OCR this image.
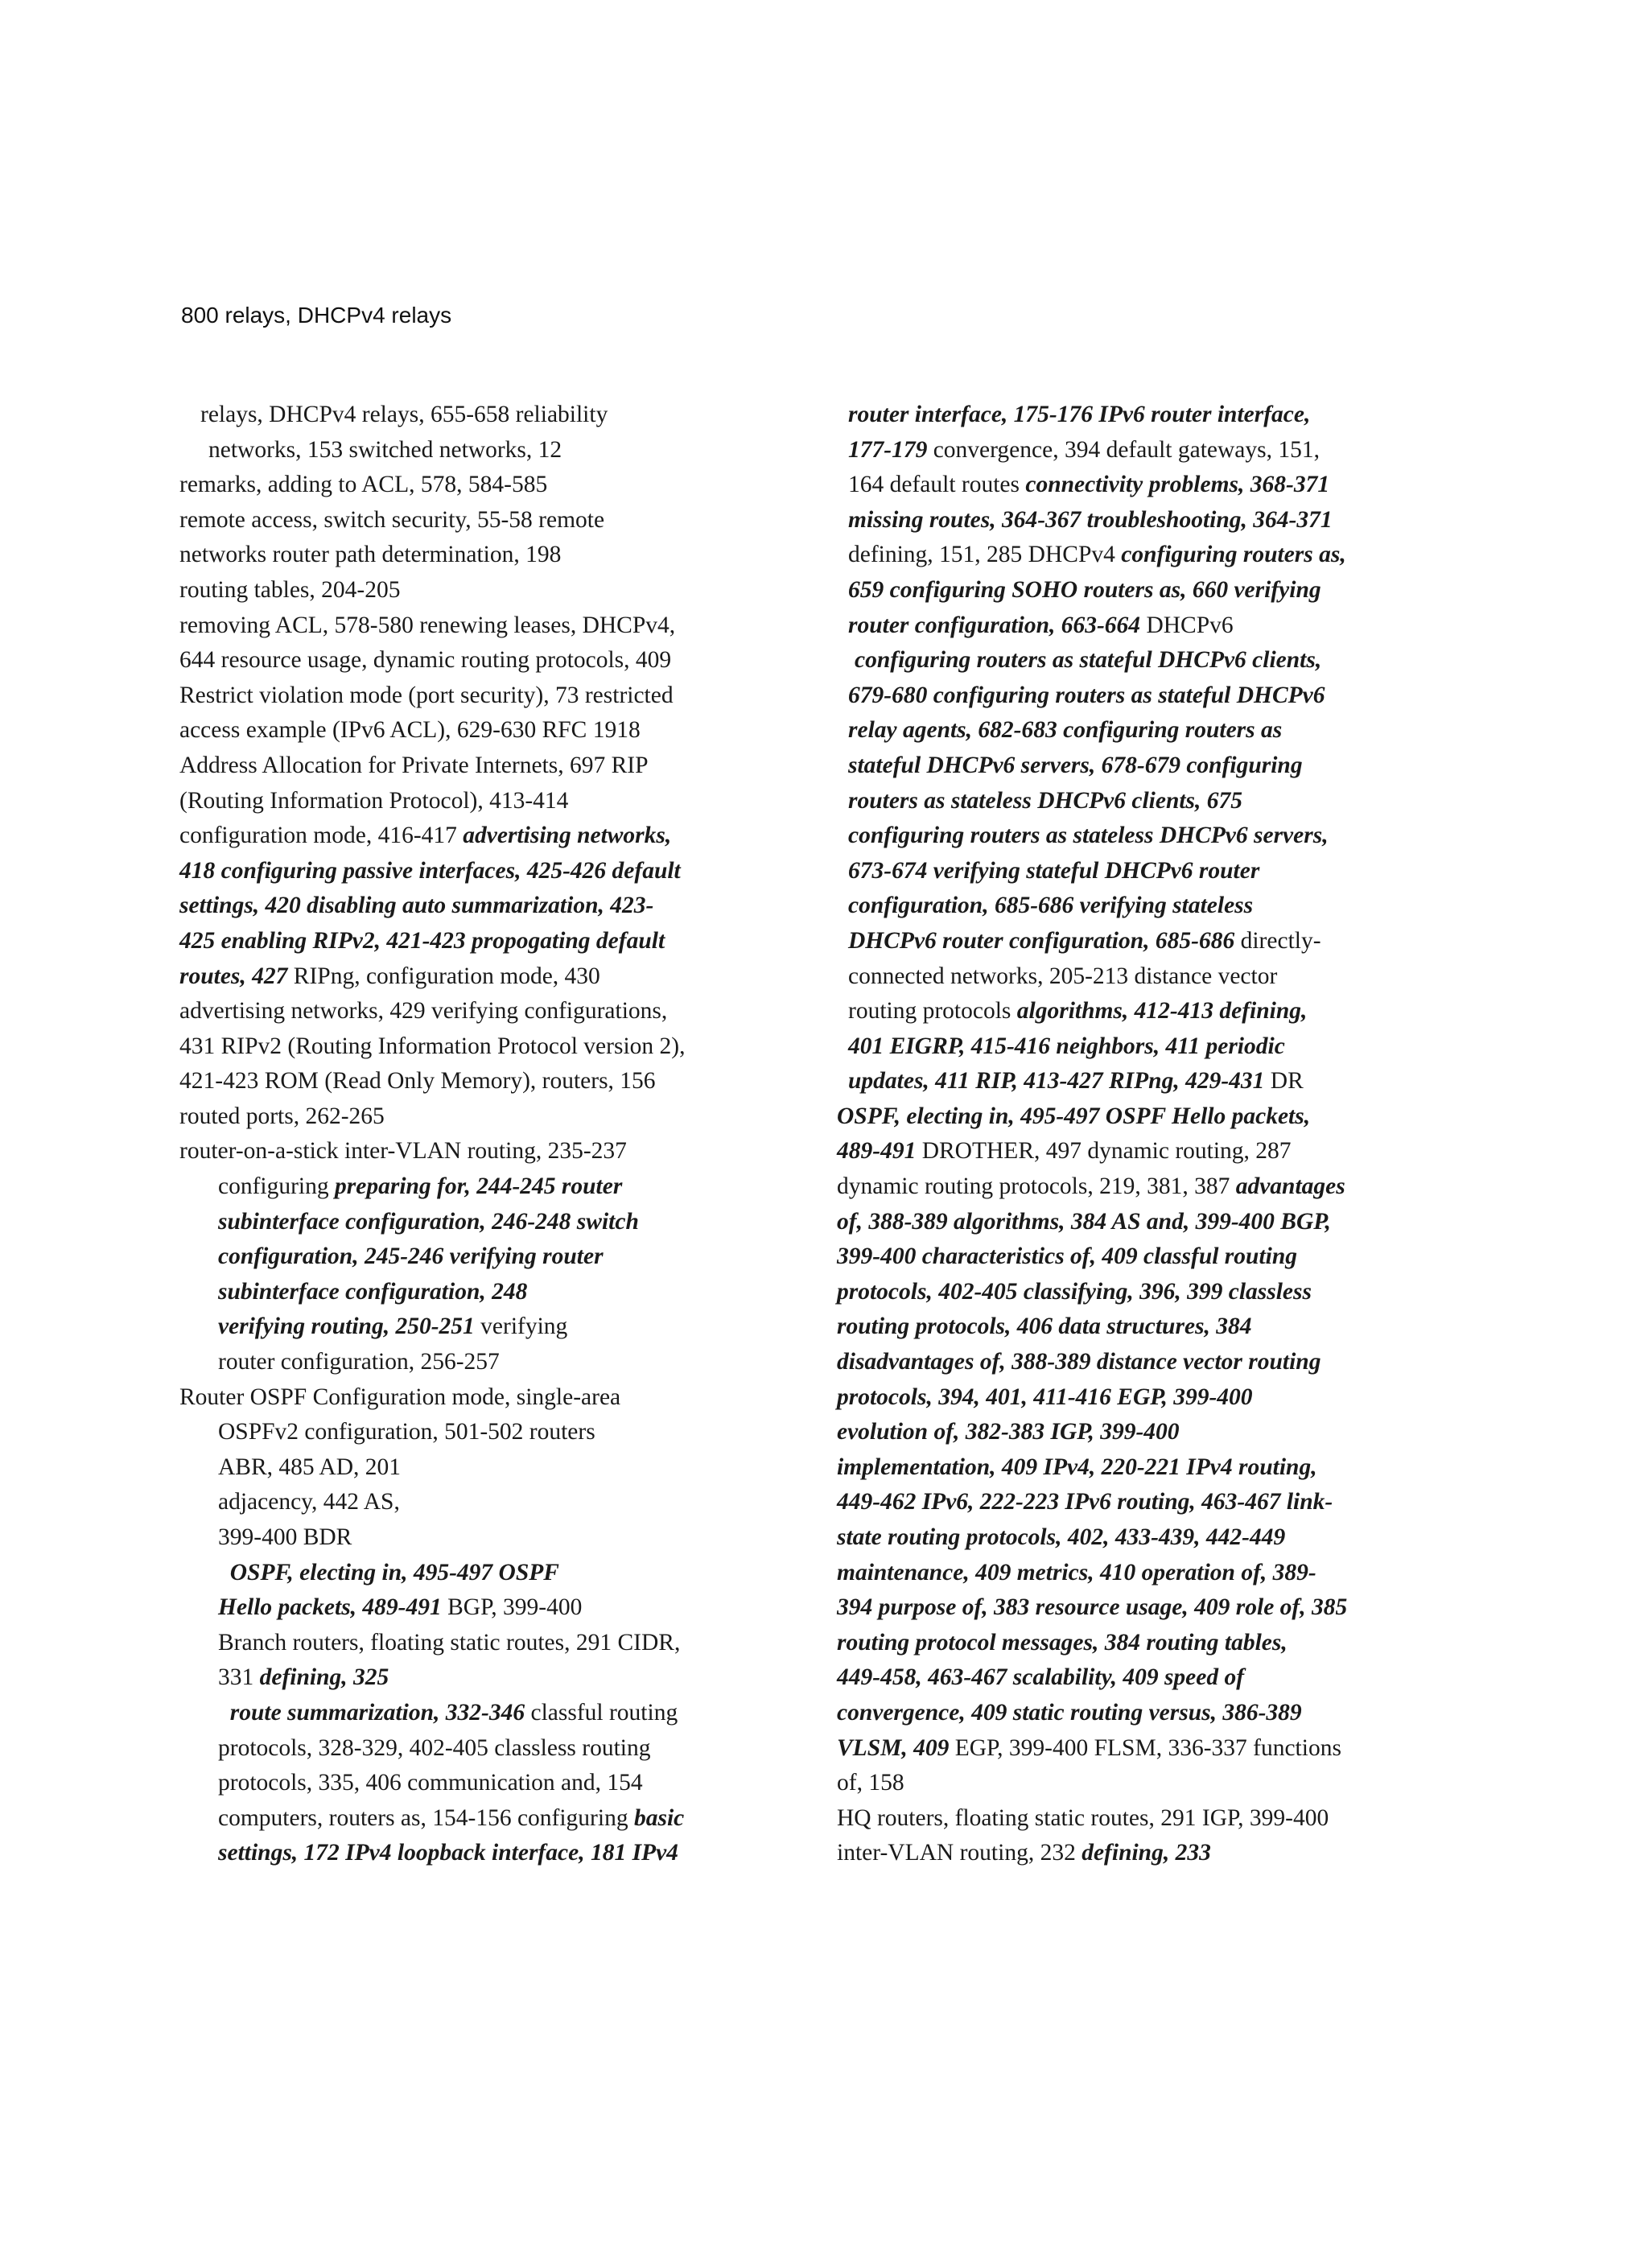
800 relays, DHCPv4 relays
relays, DHCPv4 relays, 655-658 reliability
networks, 153 switched networks, 12
remarks, adding to ACL, 578, 584-585
remote access, switch security, 55-58 remote
networks router path determination, 198
routing tables, 204-205
removing ACL, 578-580 renewing leases, DHCPv4,
644 resource usage, dynamic routing protocols, 409
Restrict violation mode (port security), 73 restricted
access example (IPv6 ACL), 629-630 RFC 1918
Address Allocation for Private Internets, 697 RIP
(Routing Information Protocol), 413-414
configuration mode, 416-417 advertising networks,
418 configuring passive interfaces, 425-426 default
settings, 420 disabling auto summarization, 423-
425 enabling RIPv2, 421-423 propogating default
routes, 427 RIPng, configuration mode, 430
advertising networks, 429 verifying configurations,
431 RIPv2 (Routing Information Protocol version 2),
421-423 ROM (Read Only Memory), routers, 156
routed ports, 262-265
router-on-a-stick inter-VLAN routing, 235-237
configuring preparing for, 244-245 router
subinterface configuration, 246-248 switch
configuration, 245-246 verifying router
subinterface configuration, 248
verifying routing, 250-251 verifying
router configuration, 256-257
Router OSPF Configuration mode, single-area
OSPFv2 configuration, 501-502 routers
ABR, 485 AD, 201
adjacency, 442 AS,
399-400 BDR
OSPF, electing in, 495-497 OSPF
Hello packets, 489-491 BGP, 399-400
Branch routers, floating static routes, 291 CIDR,
331 defining, 325
route summarization, 332-346 classful routing
protocols, 328-329, 402-405 classless routing
protocols, 335, 406 communication and, 154
computers, routers as, 154-156 configuring basic
settings, 172 IPv4 loopback interface, 181 IPv4
router interface, 175-176 IPv6 router interface,
177-179 convergence, 394 default gateways, 151,
164 default routes connectivity problems, 368-371
missing routes, 364-367 troubleshooting, 364-371
defining, 151, 285 DHCPv4 configuring routers as,
659 configuring SOHO routers as, 660 verifying
router configuration, 663-664 DHCPv6
configuring routers as stateful DHCPv6 clients,
679-680 configuring routers as stateful DHCPv6
relay agents, 682-683 configuring routers as
stateful DHCPv6 servers, 678-679 configuring
routers as stateless DHCPv6 clients, 675
configuring routers as stateless DHCPv6 servers,
673-674 verifying stateful DHCPv6 router
configuration, 685-686 verifying stateless
DHCPv6 router configuration, 685-686 directly-
connected networks, 205-213 distance vector
routing protocols algorithms, 412-413 defining,
401 EIGRP, 415-416 neighbors, 411 periodic
updates, 411 RIP, 413-427 RIPng, 429-431 DR
OSPF, electing in, 495-497 OSPF Hello packets,
489-491 DROTHER, 497 dynamic routing, 287
dynamic routing protocols, 219, 381, 387 advantages
of, 388-389 algorithms, 384 AS and, 399-400 BGP,
399-400 characteristics of, 409 classful routing
protocols, 402-405 classifying, 396, 399 classless
routing protocols, 406 data structures, 384
disadvantages of, 388-389 distance vector routing
protocols, 394, 401, 411-416 EGP, 399-400
evolution of, 382-383 IGP, 399-400
implementation, 409 IPv4, 220-221 IPv4 routing,
449-462 IPv6, 222-223 IPv6 routing, 463-467 link-
state routing protocols, 402, 433-439, 442-449
maintenance, 409 metrics, 410 operation of, 389-
394 purpose of, 383 resource usage, 409 role of, 385
routing protocol messages, 384 routing tables,
449-458, 463-467 scalability, 409 speed of
convergence, 409 static routing versus, 386-389
VLSM, 409 EGP, 399-400 FLSM, 336-337 functions
of, 158
HQ routers, floating static routes, 291 IGP, 399-400
inter-VLAN routing, 232 defining, 233
